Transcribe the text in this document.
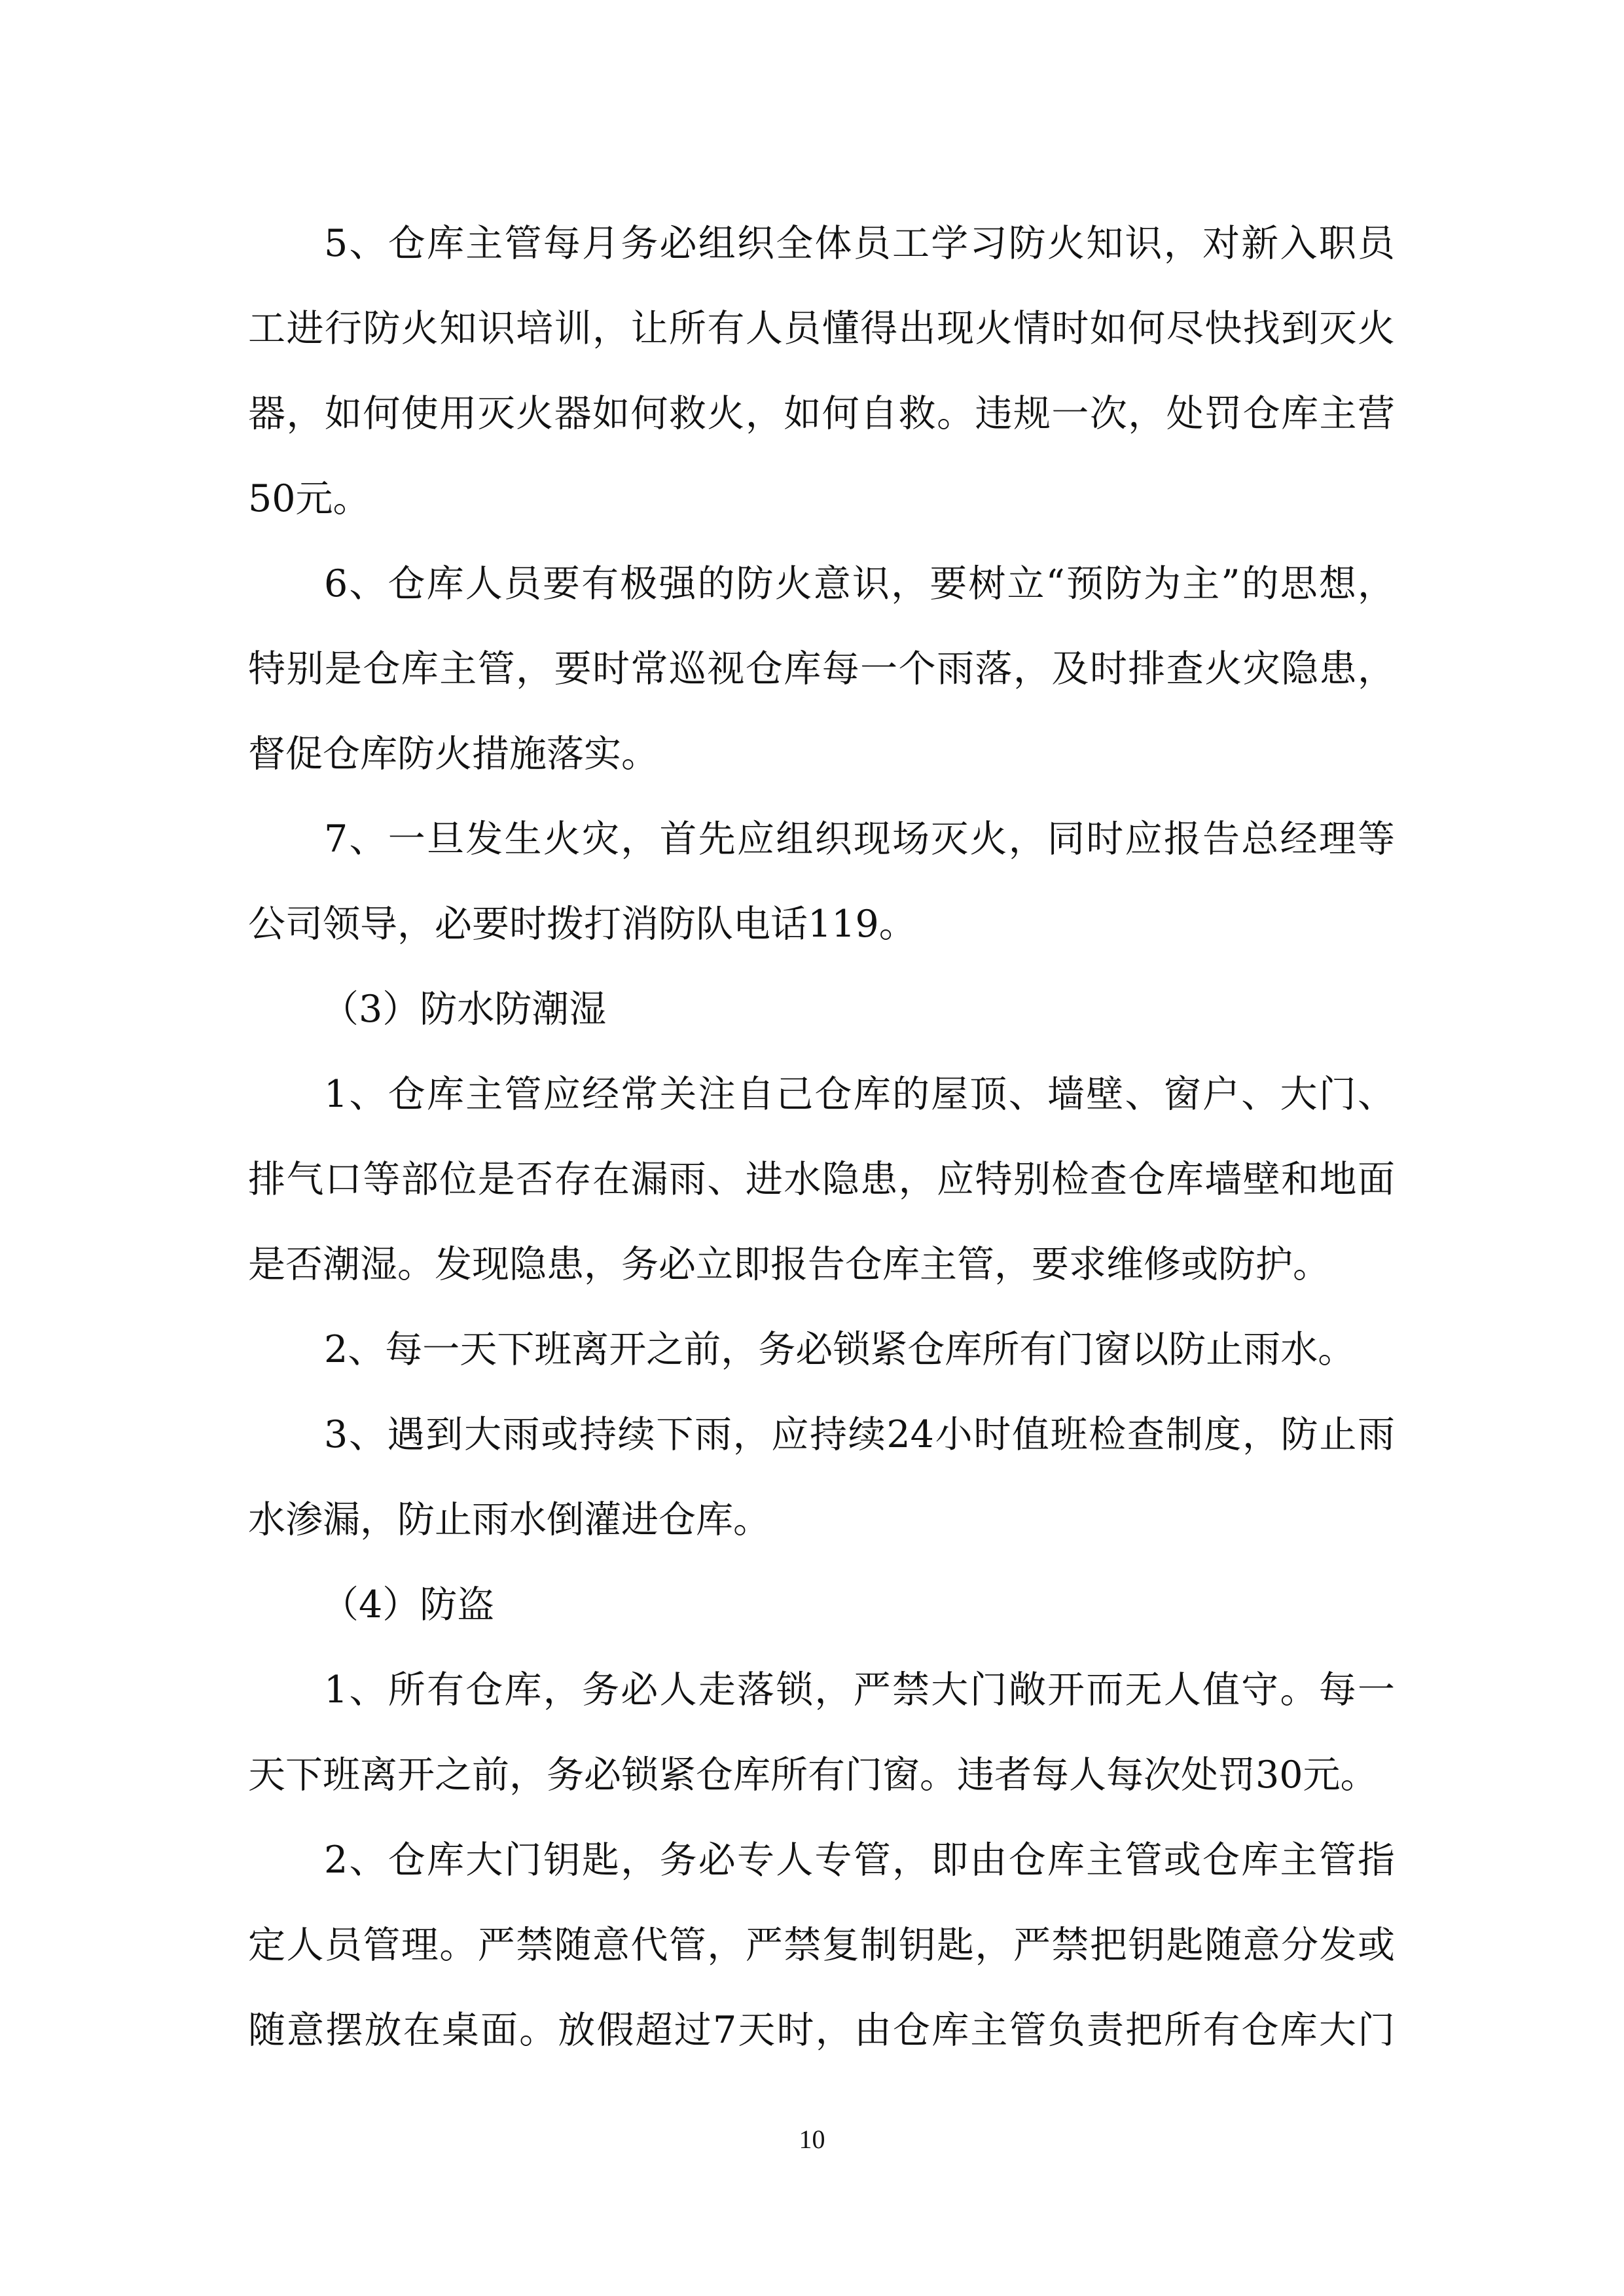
5、仓库主管每月务必组织全体员工学习防火知识，对新入职员
工进行防火知识培训，让所有人员懂得出现火情时如何尽快找到灭火
器，如何使用灭火器如何救火，如何自救。违规一次，处罚仓库主营
50元。
6、仓库人员要有极强的防火意识，要树立“预防为主”的思想，
特别是仓库主管，要时常巡视仓库每一个雨落，及时排查火灾隐患，
督促仓库防火措施落实。
7、一旦发生火灾，首先应组织现场灭火，同时应报告总经理等
公司领导，必要时拨打消防队电话119。
（3）防水防潮湿
1、仓库主管应经常关注自己仓库的屋顶、墙壁、窗户、大门、
排气口等部位是否存在漏雨、进水隐患，应特别检查仓库墙壁和地面
是否潮湿。发现隐患，务必立即报告仓库主管，要求维修或防护。
2、每一天下班离开之前，务必锁紧仓库所有门窗以防止雨水。
3、遇到大雨或持续下雨，应持续24小时值班检查制度，防止雨
水渗漏，防止雨水倒灌进仓库。
（4）防盗
1、所有仓库，务必人走落锁，严禁大门敞开而无人值守。每一
天下班离开之前，务必锁紧仓库所有门窗。违者每人每次处罚30元。
2、仓库大门钥匙，务必专人专管，即由仓库主管或仓库主管指
定人员管理。严禁随意代管，严禁复制钥匙，严禁把钥匙随意分发或
随意摆放在桌面。放假超过7天时，由仓库主管负责把所有仓库大门
10
